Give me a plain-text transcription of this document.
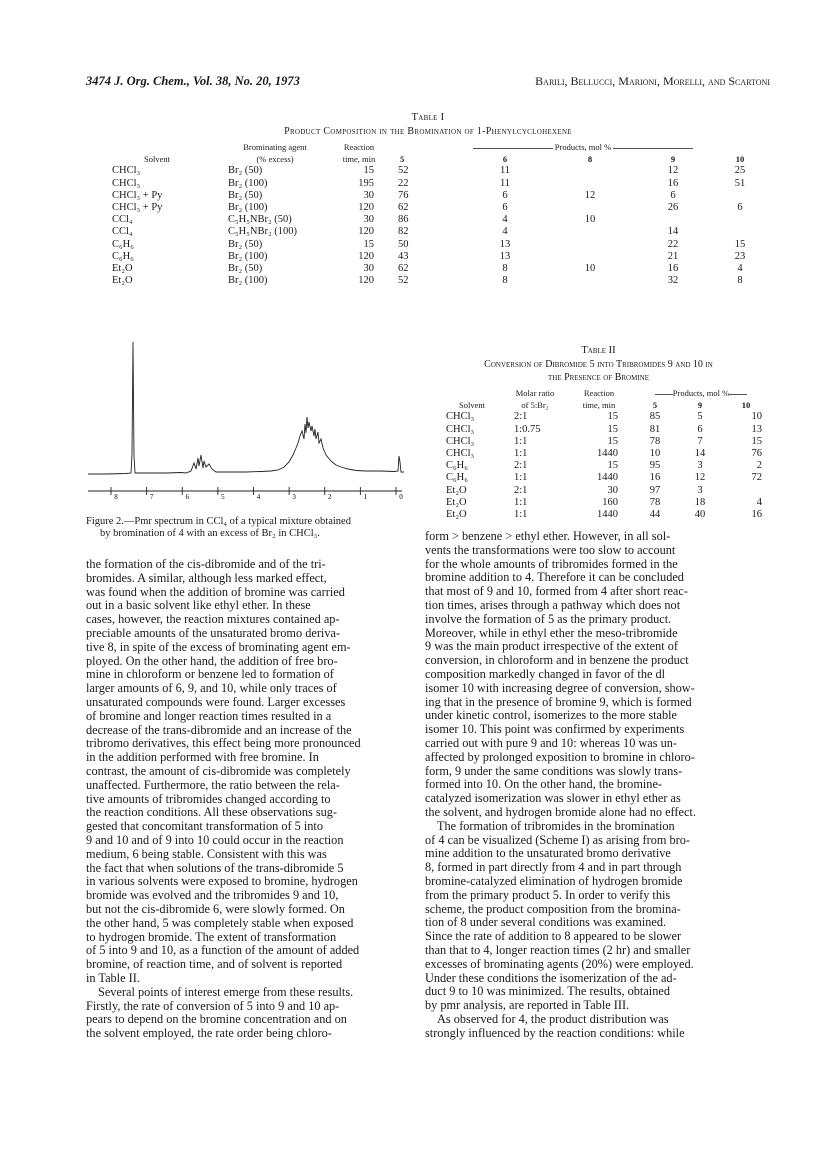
3474 J. Org. Chem., Vol. 38, No. 20, 1973	Barili, Bellucci, Marioni, Morelli, and Scartoni
Table I
Product Composition in the Bromination of 1-Phenylcyclohexene
	Brominating agent	Reaction	Products, mol %				
Solvent	(% excess)	time, min	5	6	8	9	10
CHCl₃	Br₂ (50)	15	52	11		12	25
CHCl₃	Br₂ (100)	195	22	11		16	51
CHCl₃ + Py	Br₂ (50)	30	76	6	12	6	
CHCl₃ + Py	Br₂ (100)	120	62	6		26	6
CCl₄	C₅H₅NBr₂ (50)	30	86	4	10		
CCl₄	C₅H₅NBr₂ (100)	120	82	4		14	
C₆H₆	Br₂ (50)	15	50	13		22	15
C₆H₆	Br₂ (100)	120	43	13		21	23
Et₂O	Br₂ (50)	30	62	8	10	16	4
Et₂O	Br₂ (100)	120	52	8		32	8
8	7	6	5	4	3	2	1	0
Figure 2.—Pmr spectrum in CCl₄ of a typical mixture obtained
by bromination of 4 with an excess of Br₂ in CHCl₃.
Table II
Conversion of Dibromide 5 into Tribromides 9 and 10 in
the Presence of Bromine
	Molar ratio	Reaction	Products, mol %		
Solvent	of 5:Br₂	time, min	5	9	10
CHCl₃	2:1	15	85	5	10
CHCl₃	1:0.75	15	81	6	13
CHCl₃	1:1	15	78	7	15
CHCl₃	1:1	1440	10	14	76
C₆H₆	2:1	15	95	3	2
C₆H₆	1:1	1440	16	12	72
Et₂O	2:1	30	97	3	
Et₂O	1:1	160	78	18	4
Et₂O	1:1	1440	44	40	16
the formation of the cis-dibromide and of the tri-
bromides. A similar, although less marked effect,
was found when the addition of bromine was carried
out in a basic solvent like ethyl ether. In these
cases, however, the reaction mixtures contained ap-
preciable amounts of the unsaturated bromo deriva-
tive 8, in spite of the excess of brominating agent em-
ployed. On the other hand, the addition of free bro-
mine in chloroform or benzene led to formation of
larger amounts of 6, 9, and 10, while only traces of
unsaturated compounds were found. Larger excesses
of bromine and longer reaction times resulted in a
decrease of the trans-dibromide and an increase of the
tribromo derivatives, this effect being more pronounced
in the addition performed with free bromine. In
contrast, the amount of cis-dibromide was completely
unaffected. Furthermore, the ratio between the rela-
tive amounts of tribromides changed according to
the reaction conditions. All these observations sug-
gested that concomitant transformation of 5 into
9 and 10 and of 9 into 10 could occur in the reaction
medium, 6 being stable. Consistent with this was
the fact that when solutions of the trans-dibromide 5
in various solvents were exposed to bromine, hydrogen
bromide was evolved and the tribromides 9 and 10,
but not the cis-dibromide 6, were slowly formed. On
the other hand, 5 was completely stable when exposed
to hydrogen bromide. The extent of transformation
of 5 into 9 and 10, as a function of the amount of added
bromine, of reaction time, and of solvent is reported
in Table II.
Several points of interest emerge from these results.
Firstly, the rate of conversion of 5 into 9 and 10 ap-
pears to depend on the bromine concentration and on
the solvent employed, the rate order being chloro-
form > benzene > ethyl ether. However, in all sol-
vents the transformations were too slow to account
for the whole amounts of tribromides formed in the
bromine addition to 4. Therefore it can be concluded
that most of 9 and 10, formed from 4 after short reac-
tion times, arises through a pathway which does not
involve the formation of 5 as the primary product.
Moreover, while in ethyl ether the meso-tribromide
9 was the main product irrespective of the extent of
conversion, in chloroform and in benzene the product
composition markedly changed in favor of the dl
isomer 10 with increasing degree of conversion, show-
ing that in the presence of bromine 9, which is formed
under kinetic control, isomerizes to the more stable
isomer 10. This point was confirmed by experiments
carried out with pure 9 and 10: whereas 10 was un-
affected by prolonged exposition to bromine in chloro-
form, 9 under the same conditions was slowly trans-
formed into 10. On the other hand, the bromine-
catalyzed isomerization was slower in ethyl ether as
the solvent, and hydrogen bromide alone had no effect.
The formation of tribromides in the bromination
of 4 can be visualized (Scheme I) as arising from bro-
mine addition to the unsaturated bromo derivative
8, formed in part directly from 4 and in part through
bromine-catalyzed elimination of hydrogen bromide
from the primary product 5. In order to verify this
scheme, the product composition from the bromina-
tion of 8 under several conditions was examined.
Since the rate of addition to 8 appeared to be slower
than that to 4, longer reaction times (2 hr) and smaller
excesses of brominating agents (20%) were employed.
Under these conditions the isomerization of the ad-
duct 9 to 10 was minimized. The results, obtained
by pmr analysis, are reported in Table III.
As observed for 4, the product distribution was
strongly influenced by the reaction conditions: while
